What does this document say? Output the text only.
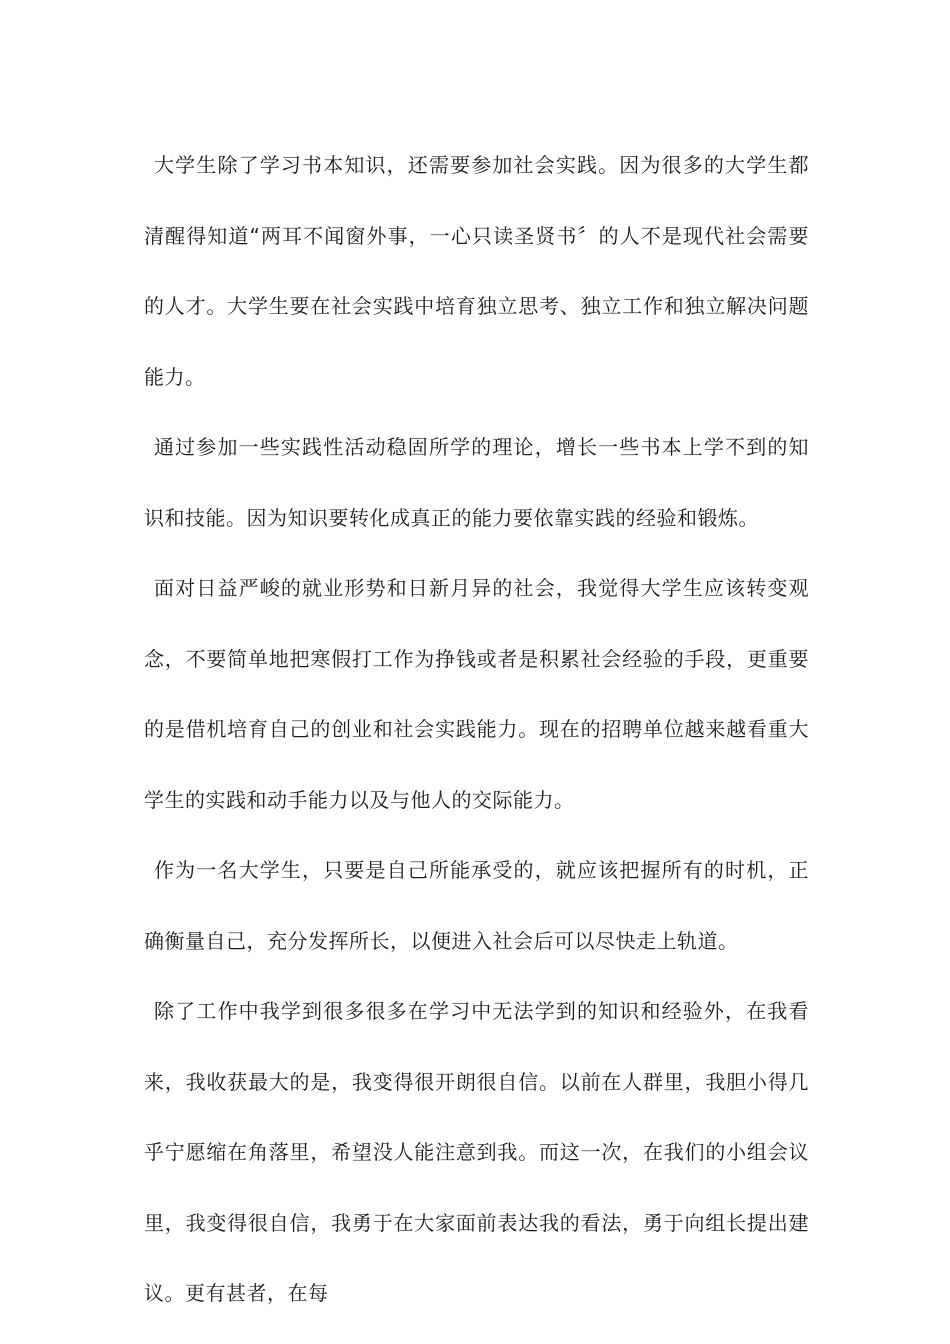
大学生除了学习书本知识，还需要参加社会实践。因为很多的大学生都清醒得知道“两耳不闻窗外事，一心只读圣贤书〞的人不是现代社会需要的人才。大学生要在社会实践中培育独立思考、独立工作和独立解决问题能力。

通过参加一些实践性活动稳固所学的理论，增长一些书本上学不到的知识和技能。因为知识要转化成真正的能力要依靠实践的经验和锻炼。

面对日益严峻的就业形势和日新月异的社会，我觉得大学生应该转变观念，不要简单地把寒假打工作为挣钱或者是积累社会经验的手段，更重要的是借机培育自己的创业和社会实践能力。现在的招聘单位越来越看重大学生的实践和动手能力以及与他人的交际能力。

作为一名大学生，只要是自己所能承受的，就应该把握所有的时机，正确衡量自己，充分发挥所长，以便进入社会后可以尽快走上轨道。

除了工作中我学到很多很多在学习中无法学到的知识和经验外，在我看来，我收获最大的是，我变得很开朗很自信。以前在人群里，我胆小得几乎宁愿缩在角落里，希望没人能注意到我。而这一次，在我们的小组会议里，我变得很自信，我勇于在大家面前表达我的看法，勇于向组长提出建议。更有甚者，在每
